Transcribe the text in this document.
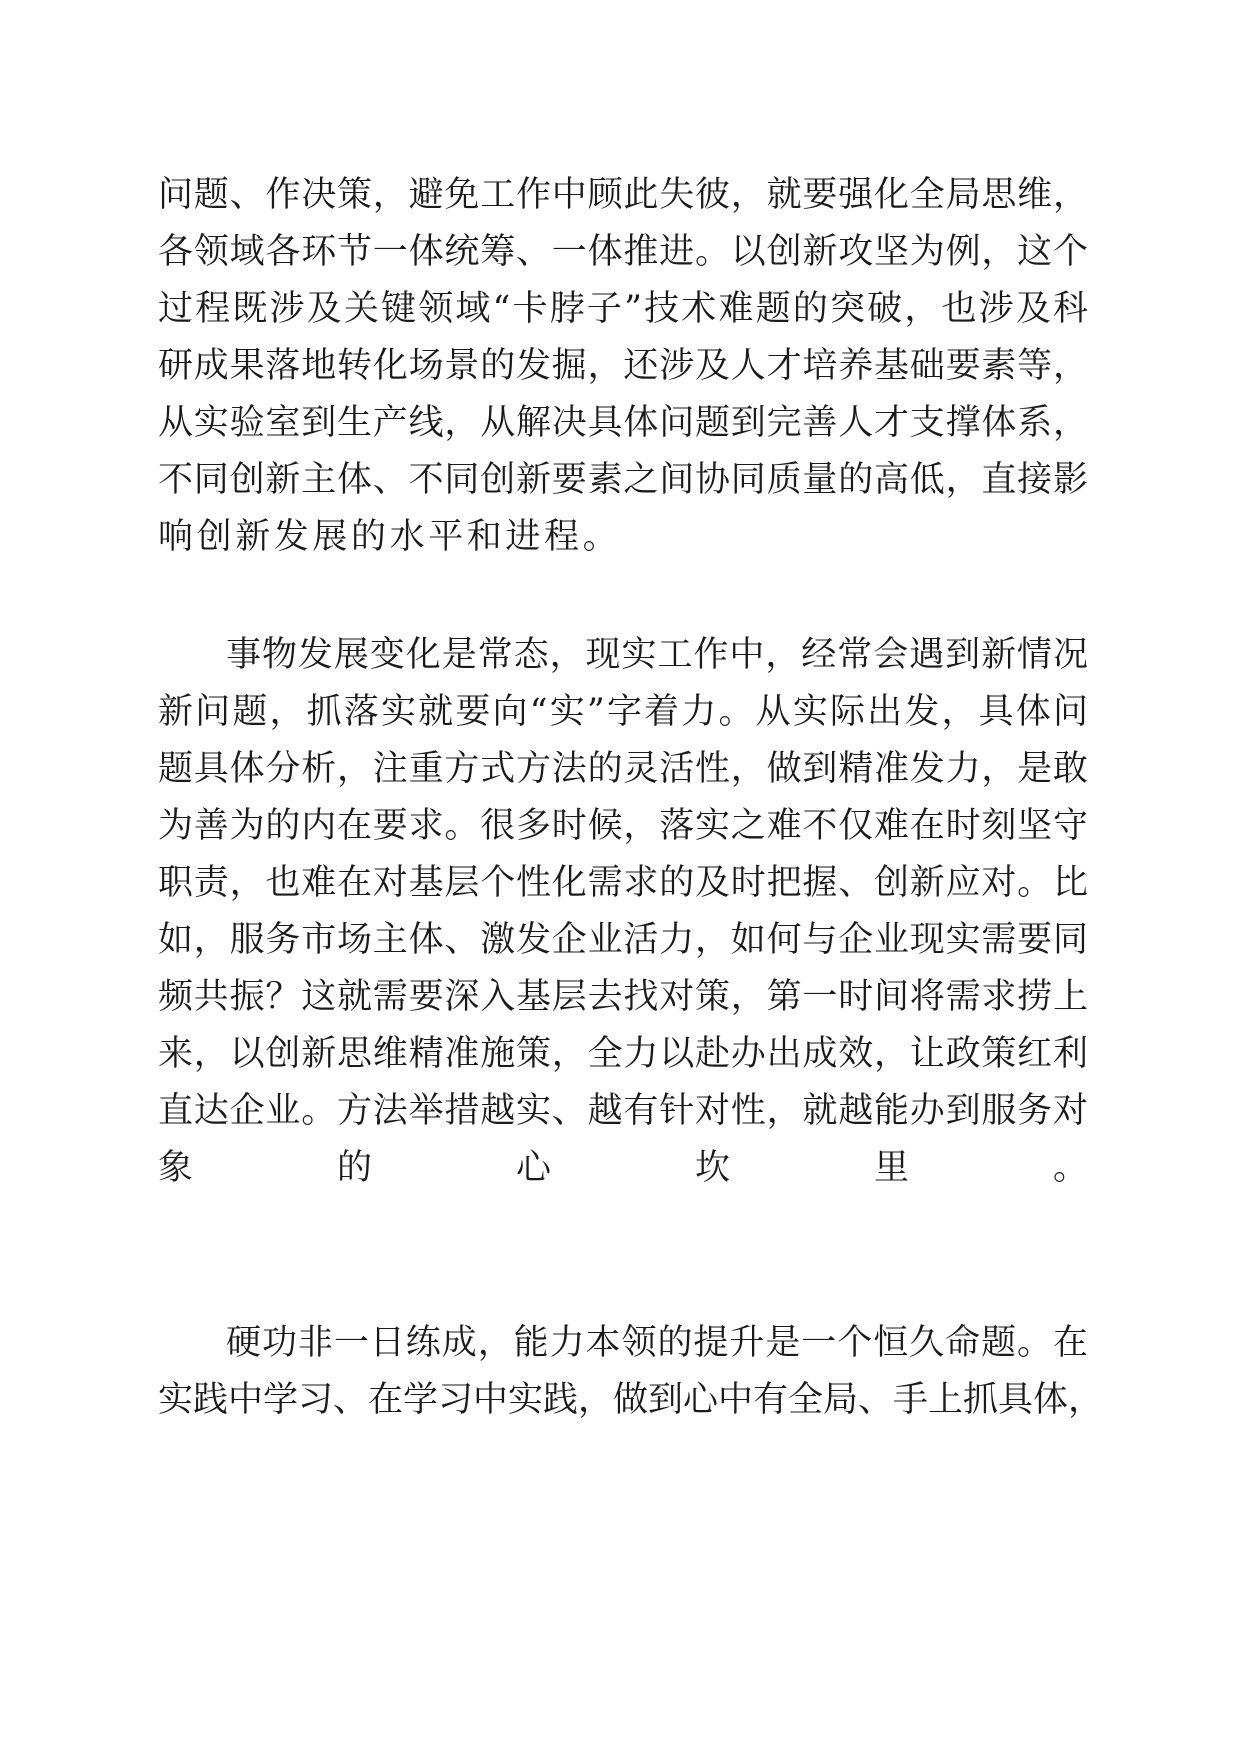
问题、作决策，避免工作中顾此失彼，就要强化全局思维，

各领域各环节一体统筹、一体推进。以创新攻坚为例，这个

过程既涉及关键领域“卡脖子”技术难题的突破，也涉及科

研成果落地转化场景的发掘，还涉及人才培养基础要素等，

从实验室到生产线，从解决具体问题到完善人才支撑体系，

不同创新主体、不同创新要素之间协同质量的高低，直接影

响创新发展的水平和进程。

事物发展变化是常态，现实工作中，经常会遇到新情况

新问题，抓落实就要向“实”字着力。从实际出发，具体问

题具体分析，注重方式方法的灵活性，做到精准发力，是敢

为善为的内在要求。很多时候，落实之难不仅难在时刻坚守

职责，也难在对基层个性化需求的及时把握、创新应对。比

如，服务市场主体、激发企业活力，如何与企业现实需要同

频共振？这就需要深入基层去找对策，第一时间将需求捞上

来，以创新思维精准施策，全力以赴办出成效，让政策红利

直达企业。方法举措越实、越有针对性，就越能办到服务对

象的心坎里。

硬功非一日练成，能力本领的提升是一个恒久命题。在

实践中学习、在学习中实践，做到心中有全局、手上抓具体，
